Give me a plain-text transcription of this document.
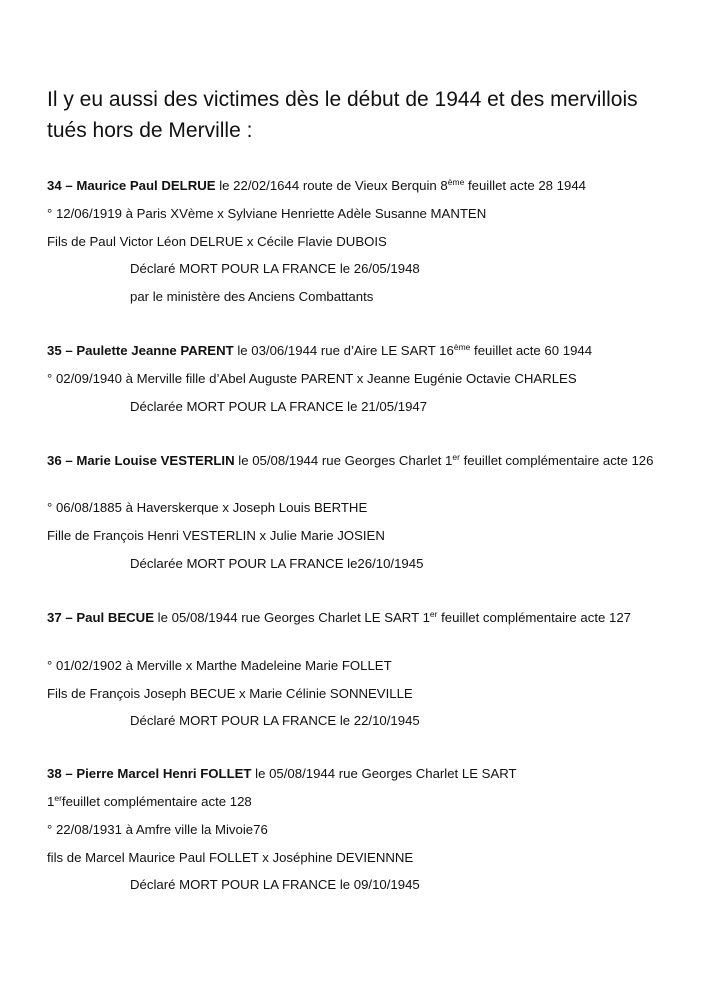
Il y eu aussi des victimes dès le début de 1944 et des mervillois tués hors de Merville :
34 – Maurice Paul DELRUE le 22/02/1644 route de Vieux Berquin 8ème feuillet acte 28 1944
° 12/06/1919 à Paris XVème x Sylviane Henriette Adèle Susanne MANTEN
Fils de Paul Victor Léon DELRUE x Cécile Flavie DUBOIS
Déclaré MORT POUR LA FRANCE le 26/05/1948
par le ministère des Anciens Combattants
35 – Paulette Jeanne PARENT le 03/06/1944 rue d’Aire LE SART 16ème feuillet acte 60 1944
° 02/09/1940 à Merville fille d’Abel Auguste PARENT x Jeanne Eugénie Octavie CHARLES
Déclarée MORT POUR LA FRANCE le 21/05/1947
36 – Marie Louise VESTERLIN le 05/08/1944 rue Georges Charlet 1er feuillet complémentaire acte 126
° 06/08/1885 à Haverskerque x Joseph Louis BERTHE
Fille de François Henri VESTERLIN x Julie Marie JOSIEN
Déclarée MORT POUR LA FRANCE le26/10/1945
37 – Paul BECUE le 05/08/1944 rue Georges Charlet LE SART 1er feuillet complémentaire acte 127
° 01/02/1902 à Merville x Marthe Madeleine Marie FOLLET
Fils de François Joseph BECUE x Marie Célinie SONNEVILLE
Déclaré MORT POUR LA FRANCE le 22/10/1945
38 – Pierre Marcel Henri FOLLET le 05/08/1944 rue Georges Charlet LE SART
1erfeuillet complémentaire acte 128
° 22/08/1931 à Amfre ville la Mivoie76
fils de Marcel Maurice Paul FOLLET x Joséphine DEVIENNNE
Déclaré MORT POUR LA FRANCE le 09/10/1945
